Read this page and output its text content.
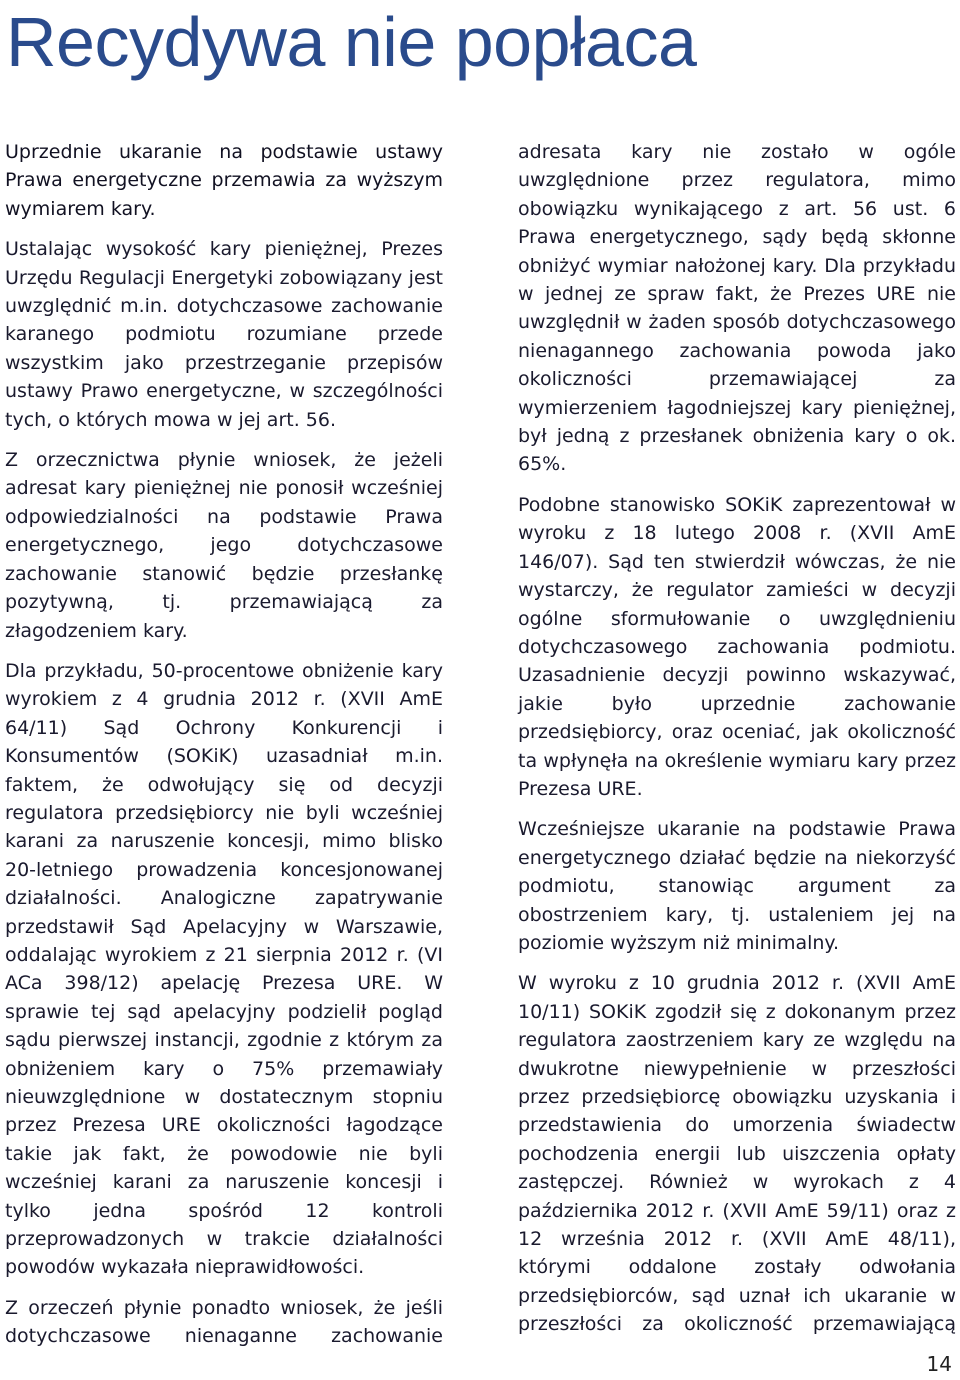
Recydywa nie popłaca

Uprzednie ukaranie na podstawie ustawy Prawa energetyczne przemawia za wyższym wymiarem kary.

Ustalając wysokość kary pieniężnej, Prezes Urzędu Regulacji Energetyki zobowiązany jest uwzględnić m.in. dotychczasowe zachowanie karanego podmiotu rozumiane przede wszystkim jako przestrzeganie przepisów ustawy Prawo energetyczne, w szczególności tych, o których mowa w jej art. 56.

Z orzecznictwa płynie wniosek, że jeżeli adresat kary pieniężnej nie ponosił wcześniej odpowiedzialności na podstawie Prawa energetycznego, jego dotychczasowe zachowanie stanowić będzie przesłankę pozytywną, tj. przemawiającą za złagodzeniem kary.

Dla przykładu, 50-procentowe obniżenie kary wyrokiem z 4 grudnia 2012 r. (XVII AmE 64/11) Sąd Ochrony Konkurencji i Konsumentów (SOKiK) uzasadniał m.in. faktem, że odwołujący się od decyzji regulatora przedsiębiorcy nie byli wcześniej karani za naruszenie koncesji, mimo blisko 20-letniego prowadzenia koncesjonowanej działalności. Analogiczne zapatrywanie przedstawił Sąd Apelacyjny w Warszawie, oddalając wyrokiem z 21 sierpnia 2012 r. (VI ACa 398/12) apelację Prezesa URE. W sprawie tej sąd apelacyjny podzielił pogląd sądu pierwszej instancji, zgodnie z którym za obniżeniem kary o 75% przemawiały nieuwzględnione w dostatecznym stopniu przez Prezesa URE okoliczności łagodzące takie jak fakt, że powodowie nie byli wcześniej karani za naruszenie koncesji i tylko jedna spośród 12 kontroli przeprowadzonych w trakcie działalności powodów wykazała nieprawidłowości.

Z orzeczeń płynie ponadto wniosek, że jeśli dotychczasowe nienaganne zachowanie

adresata kary nie zostało w ogóle uwzględnione przez regulatora, mimo obowiązku wynikającego z art. 56 ust. 6 Prawa energetycznego, sądy będą skłonne obniżyć wymiar nałożonej kary. Dla przykładu w jednej ze spraw fakt, że Prezes URE nie uwzględnił w żaden sposób dotychczasowego nienagannego zachowania powoda jako okoliczności przemawiającej za wymierzeniem łagodniejszej kary pieniężnej, był jedną z przesłanek obniżenia kary o ok. 65%.

Podobne stanowisko SOKiK zaprezentował w wyroku z 18 lutego 2008 r. (XVII AmE 146/07). Sąd ten stwierdził wówczas, że nie wystarczy, że regulator zamieści w decyzji ogólne sformułowanie o uwzględnieniu dotychczasowego zachowania podmiotu. Uzasadnienie decyzji powinno wskazywać, jakie było uprzednie zachowanie przedsiębiorcy, oraz oceniać, jak okoliczność ta wpłynęła na określenie wymiaru kary przez Prezesa URE.

Wcześniejsze ukaranie na podstawie Prawa energetycznego działać będzie na niekorzyść podmiotu, stanowiąc argument za obostrzeniem kary, tj. ustaleniem jej na poziomie wyższym niż minimalny.

W wyroku z 10 grudnia 2012 r. (XVII AmE 10/11) SOKiK zgodził się z dokonanym przez regulatora zaostrzeniem kary ze względu na dwukrotne niewypełnienie w przeszłości przez przedsiębiorcę obowiązku uzyskania i przedstawienia do umorzenia świadectw pochodzenia energii lub uiszczenia opłaty zastępczej. Również w wyrokach z 4 października 2012 r. (XVII AmE 59/11) oraz z 12 września 2012 r. (XVII AmE 48/11), którymi oddalone zostały odwołania przedsiębiorców, sąd uznał ich ukaranie w przeszłości za okoliczność przemawiającą

14
